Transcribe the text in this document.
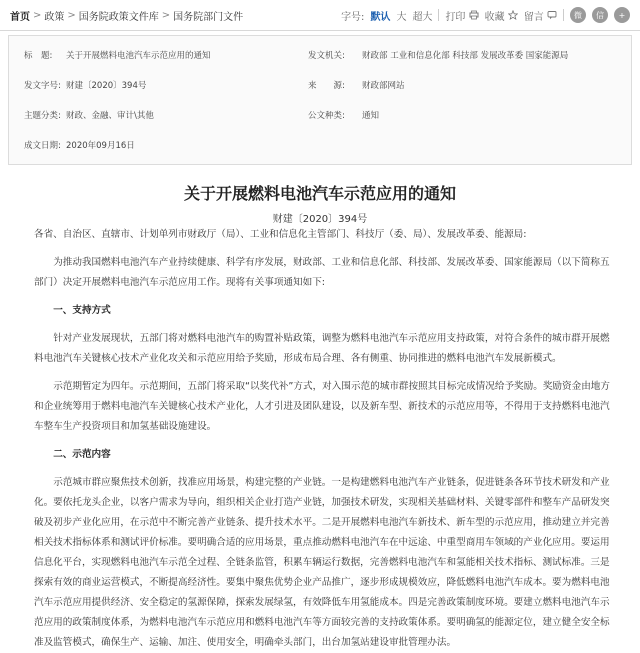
首页 > 政策 > 国务院政策文件库 > 国务院部门文件	字号: 默认 大 超大 打印	收藏	留言	微	信	+
标　题:	关于开展燃料电池汽车示范应用的通知	发文机关:	财政部 工业和信息化部 科技部 发展改革委 国家能源局
发文字号:	财建〔2020〕394号	来　　源:	财政部网站
主题分类:	财政、金融、审计\其他	公文种类:	通知
成文日期:	2020年09月16日		
关于开展燃料电池汽车示范应用的通知
财建〔2020〕394号

各省、自治区、直辖市、计划单列市财政厅（局）、工业和信息化主管部门、科技厅（委、局）、发展改革委、能源局:

为推动我国燃料电池汽车产业持续健康、科学有序发展，财政部、工业和信息化部、科技部、发展改革委、国家能源局（以下简称五部门）决定开展燃料电池汽车示范应用工作。现将有关事项通知如下:

一、支持方式

针对产业发展现状，五部门将对燃料电池汽车的购置补贴政策，调整为燃料电池汽车示范应用支持政策，对符合条件的城市群开展燃料电池汽车关键核心技术产业化攻关和示范应用给予奖励，形成布局合理、各有侧重、协同推进的燃料电池汽车发展新模式。

示范期暂定为四年。示范期间，五部门将采取“以奖代补”方式，对入围示范的城市群按照其目标完成情况给予奖励。奖励资金由地方和企业统筹用于燃料电池汽车关键核心技术产业化，人才引进及团队建设，以及新车型、新技术的示范应用等，不得用于支持燃料电池汽车整车生产投资项目和加氢基础设施建设。

二、示范内容

示范城市群应聚焦技术创新，找准应用场景，构建完整的产业链。一是构建燃料电池汽车产业链条，促进链条各环节技术研发和产业化。要依托龙头企业，以客户需求为导向，组织相关企业打造产业链，加强技术研发，实现相关基础材料、关键零部件和整车产品研发突破及初步产业化应用，在示范中不断完善产业链条、提升技术水平。二是开展燃料电池汽车新技术、新车型的示范应用，推动建立并完善相关技术指标体系和测试评价标准。要明确合适的应用场景，重点推动燃料电池汽车在中远途、中重型商用车领域的产业化应用。要运用信息化平台，实现燃料电池汽车示范全过程、全链条监管，积累车辆运行数据，完善燃料电池汽车和氢能相关技术指标、测试标准。三是探索有效的商业运营模式，不断提高经济性。要集中聚焦优势企业产品推广，逐步形成规模效应，降低燃料电池汽车成本。要为燃料电池汽车示范应用提供经济、安全稳定的氢源保障，探索发展绿氢，有效降低车用氢能成本。四是完善政策制度环境。要建立燃料电池汽车示范应用的政策制度体系，为燃料电池汽车示范应用和燃料电池汽车等方面较完善的支持政策体系。要明确氢的能源定位，建立健全安全标准及监管模式，确保生产、运输、加注、使用安全，明确牵头部门，出台加氢站建设审批管理办法。
